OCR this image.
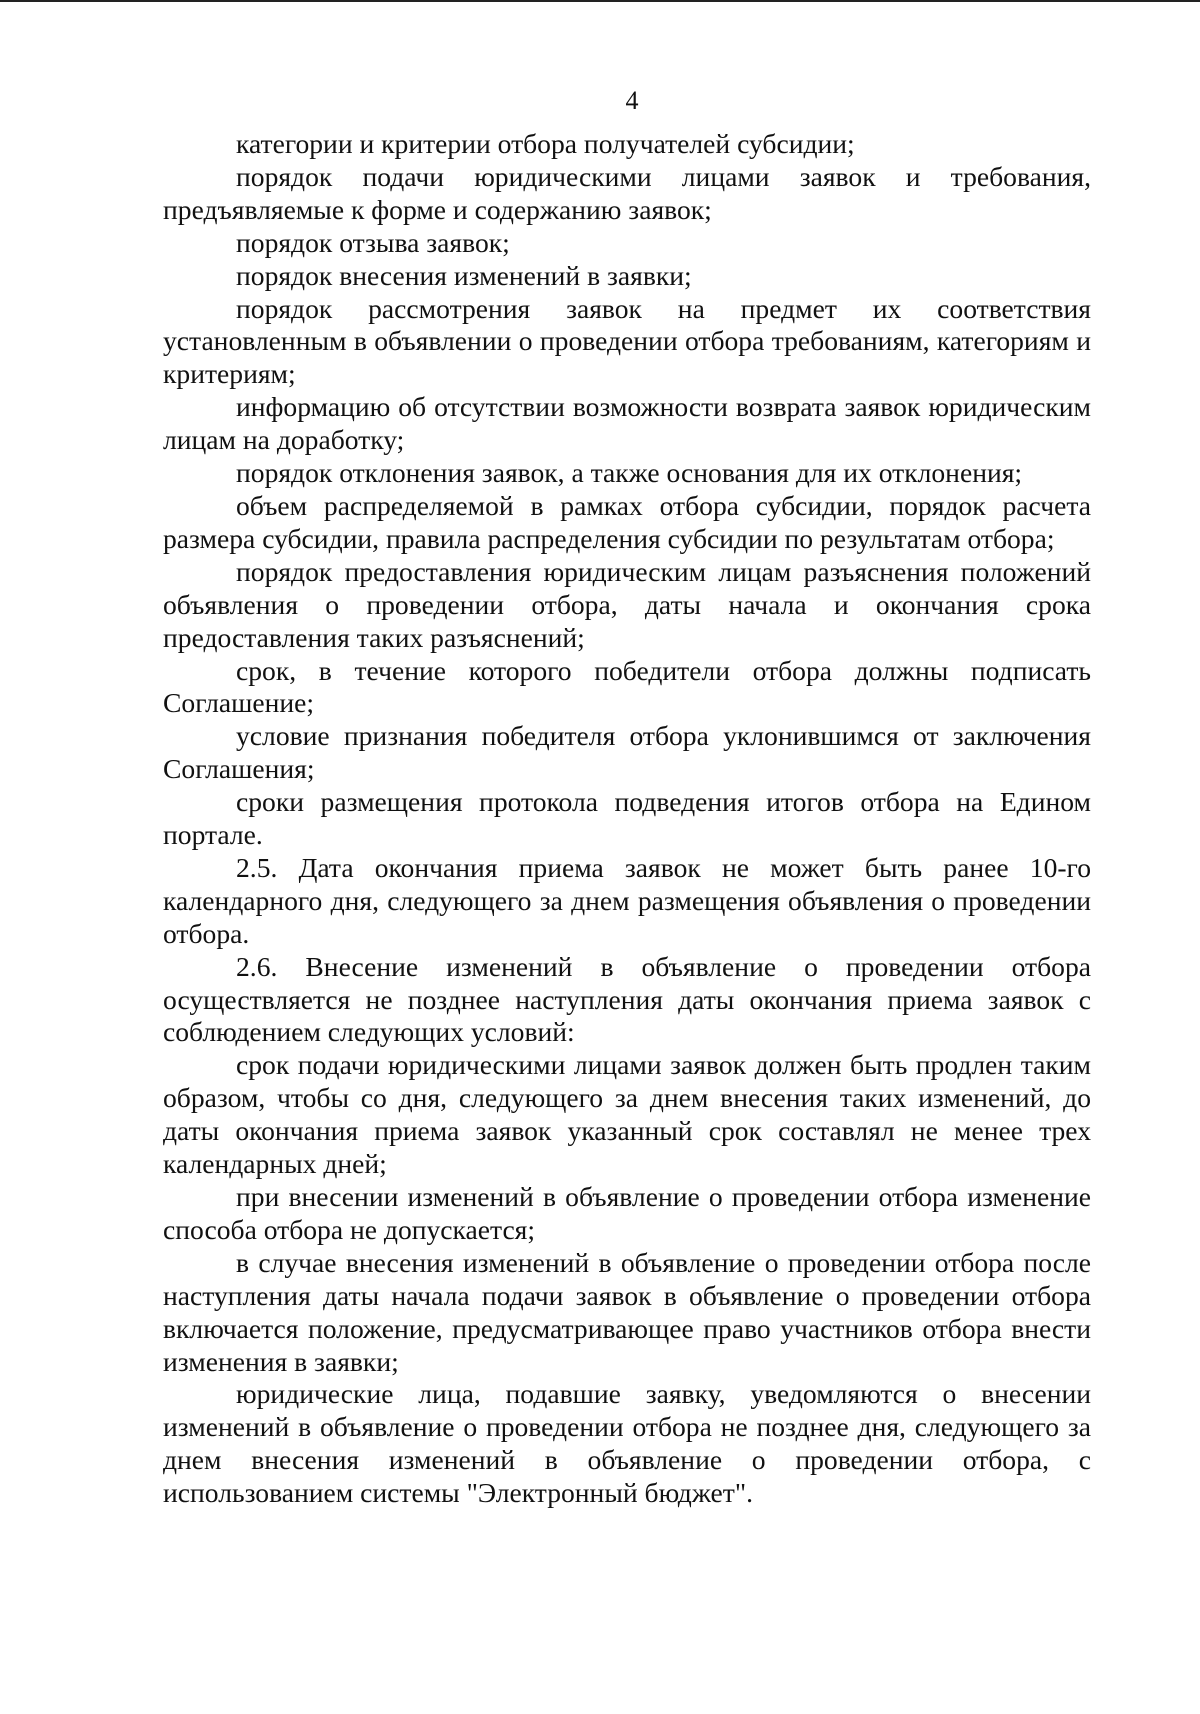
4

категории и критерии отбора получателей субсидии;

порядок подачи юридическими лицами заявок и требования, предъявляемые к форме и содержанию заявок;

порядок отзыва заявок;

порядок внесения изменений в заявки;

порядок рассмотрения заявок на предмет их соответствия установленным в объявлении о проведении отбора требованиям, категориям и критериям;

информацию об отсутствии возможности возврата заявок юридическим лицам на доработку;

порядок отклонения заявок, а также основания для их отклонения;

объем распределяемой в рамках отбора субсидии, порядок расчета размера субсидии, правила распределения субсидии по результатам отбора;

порядок предоставления юридическим лицам разъяснения положений объявления о проведении отбора, даты начала и окончания срока предоставления таких разъяснений;

срок, в течение которого победители отбора должны подписать Соглашение;

условие признания победителя отбора уклонившимся от заключения Соглашения;

сроки размещения протокола подведения итогов отбора на Едином портале.

2.5. Дата окончания приема заявок не может быть ранее 10-го календарного дня, следующего за днем размещения объявления о проведении отбора.

2.6. Внесение изменений в объявление о проведении отбора осуществляется не позднее наступления даты окончания приема заявок с соблюдением следующих условий:

срок подачи юридическими лицами заявок должен быть продлен таким образом, чтобы со дня, следующего за днем внесения таких изменений, до даты окончания приема заявок указанный срок составлял не менее трех календарных дней;

при внесении изменений в объявление о проведении отбора изменение способа отбора не допускается;

в случае внесения изменений в объявление о проведении отбора после наступления даты начала подачи заявок в объявление о проведении отбора включается положение, предусматривающее право участников отбора внести изменения в заявки;

юридические лица, подавшие заявку, уведомляются о внесении изменений в объявление о проведении отбора не позднее дня, следующего за днем внесения изменений в объявление о проведении отбора, с использованием системы "Электронный бюджет".
